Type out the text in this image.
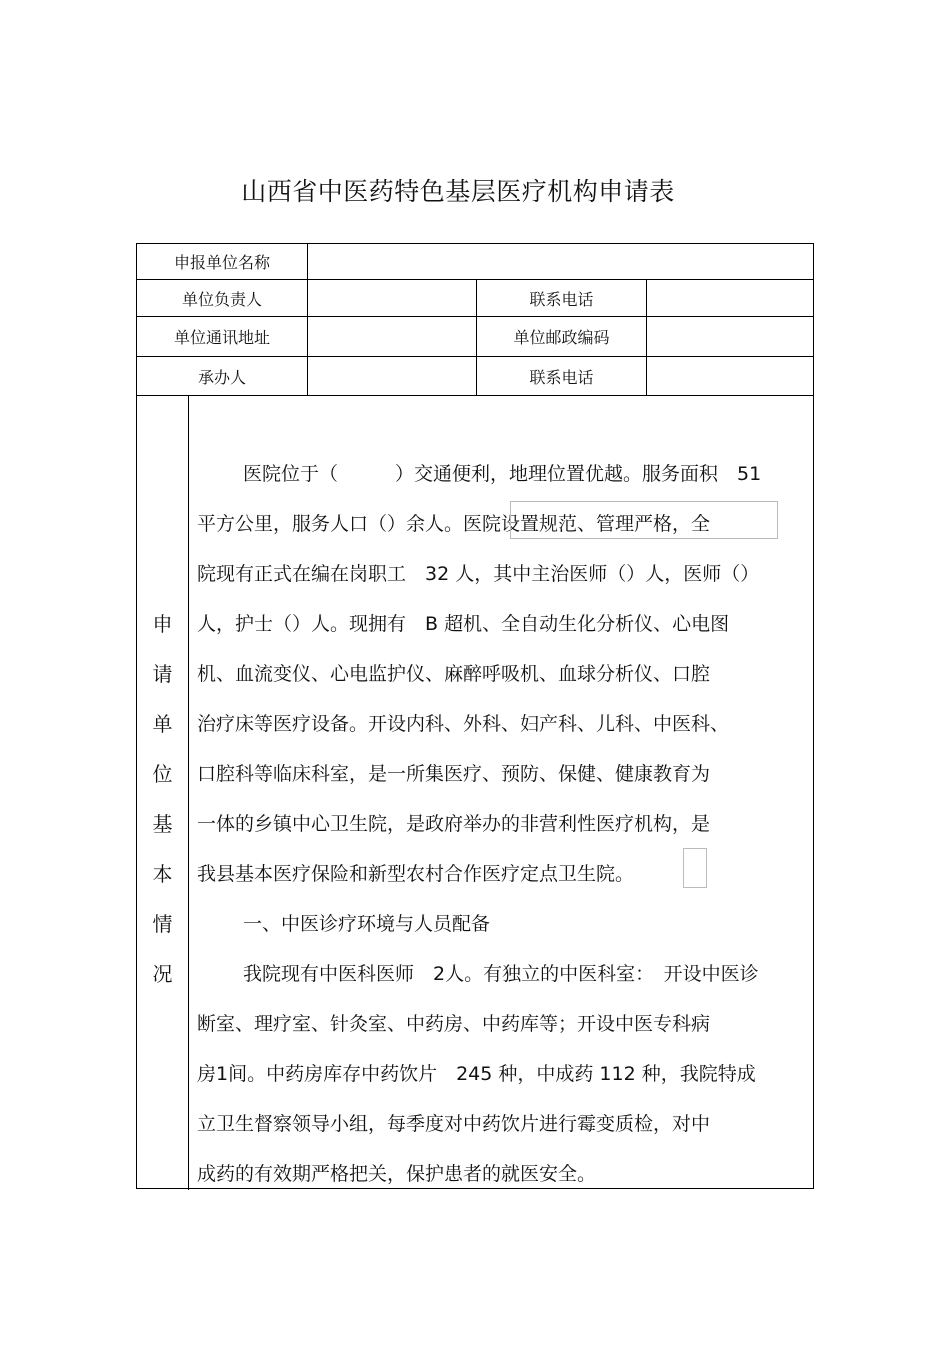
山西省中医药特色基层医疗机构申请表
申报单位名称
单位负责人	联系电话
单位通讯地址	单位邮政编码
承办人	联系电话
申
请
单
位
基
本
情
况
医院位于（　　　）交通便利，地理位置优越。服务面积　51
平方公里，服务人口（）余人。医院设置规范、管理严格，全
院现有正式在编在岗职工　32 人，其中主治医师（）人，医师（）
人，护士（）人。现拥有　B 超机、全自动生化分析仪、心电图
机、血流变仪、心电监护仪、麻醉呼吸机、血球分析仪、口腔
治疗床等医疗设备。开设内科、外科、妇产科、儿科、中医科、
口腔科等临床科室，是一所集医疗、预防、保健、健康教育为
一体的乡镇中心卫生院，是政府举办的非营利性医疗机构，是
我县基本医疗保险和新型农村合作医疗定点卫生院。
一、中医诊疗环境与人员配备
我院现有中医科医师　2人。有独立的中医科室：　开设中医诊
断室、理疗室、针灸室、中药房、中药库等；开设中医专科病
房1间。中药房库存中药饮片　245 种，中成药 112 种，我院特成
立卫生督察领导小组，每季度对中药饮片进行霉变质检，对中
成药的有效期严格把关，保护患者的就医安全。
